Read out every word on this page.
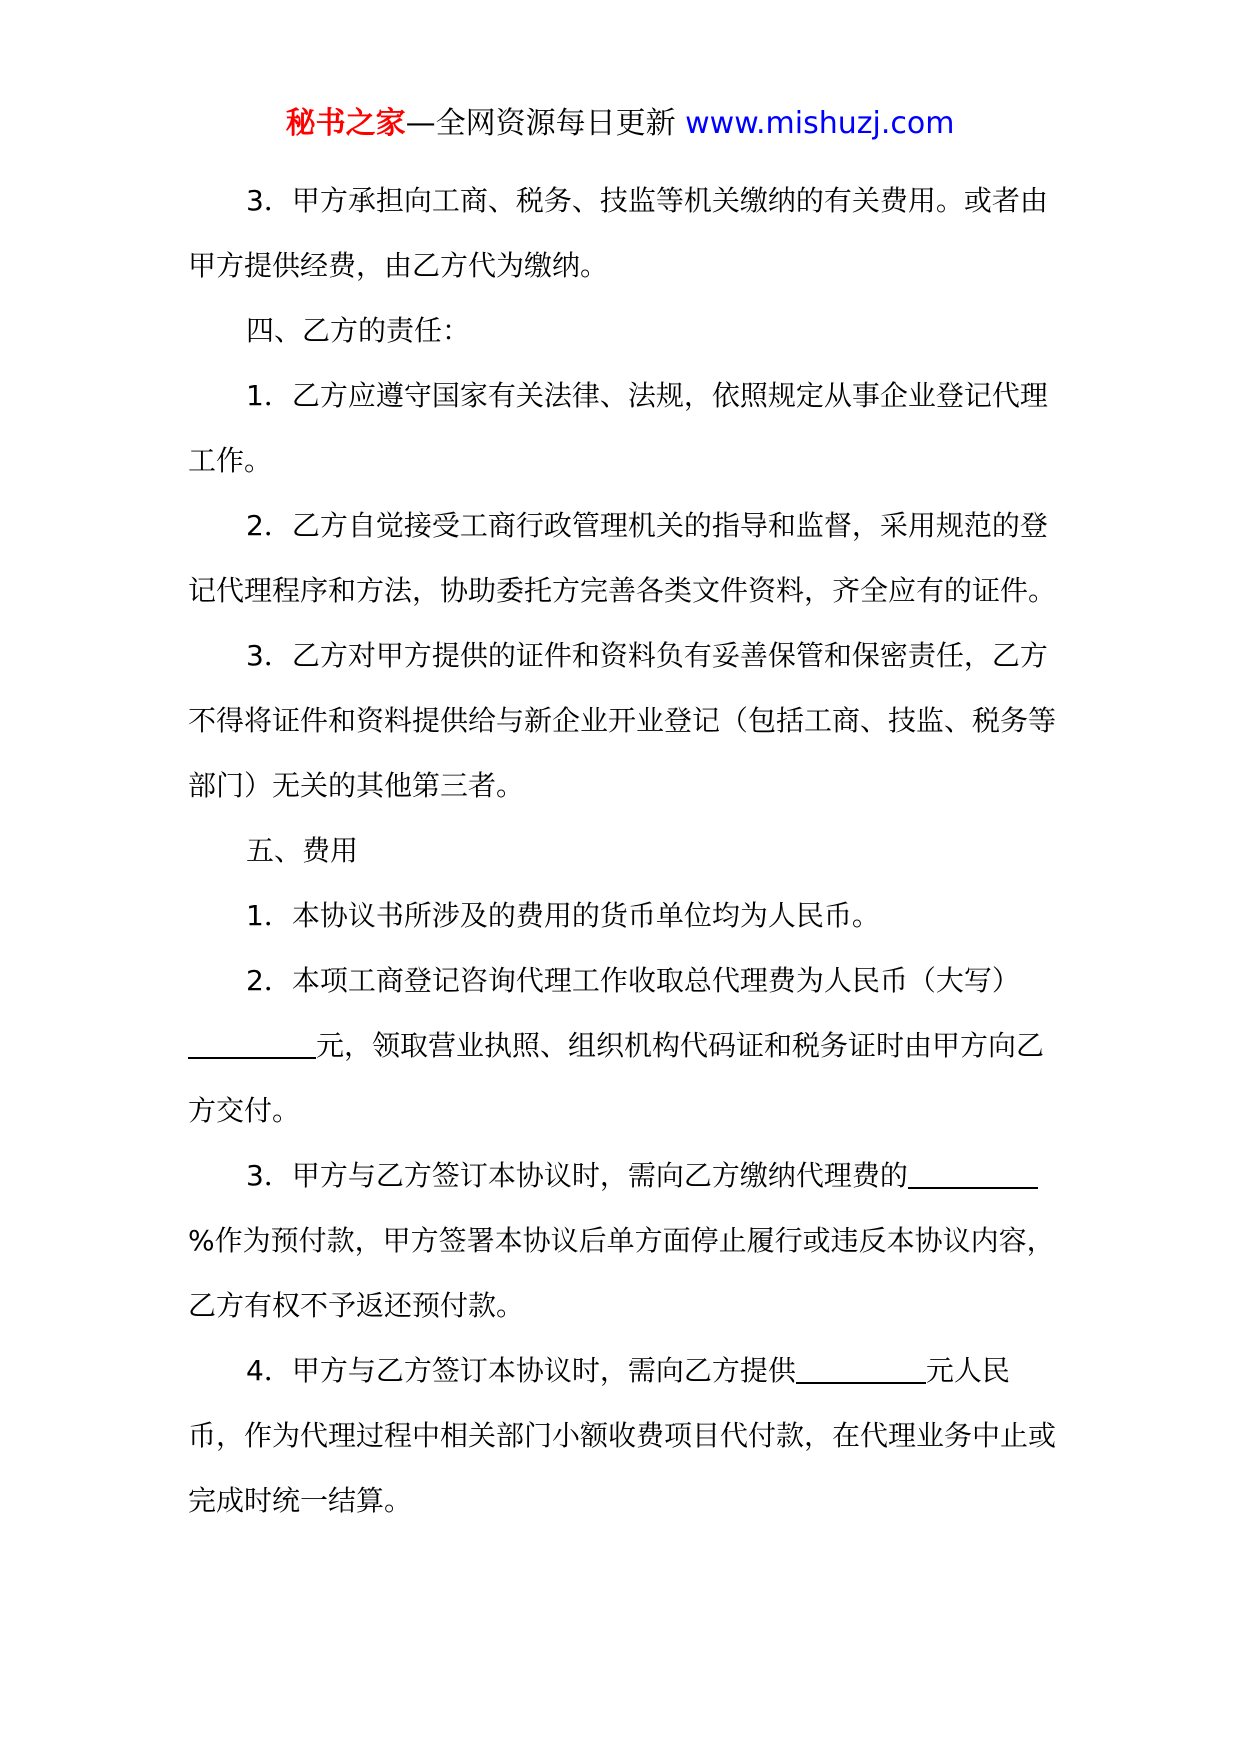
秘书之家—全网资源每日更新 www.mishuzj.com

3．甲方承担向工商、税务、技监等机关缴纳的有关费用。或者由甲方提供经费，由乙方代为缴纳。

四、乙方的责任：

1．乙方应遵守国家有关法律、法规，依照规定从事企业登记代理工作。

2．乙方自觉接受工商行政管理机关的指导和监督，采用规范的登记代理程序和方法，协助委托方完善各类文件资料，齐全应有的证件。

3．乙方对甲方提供的证件和资料负有妥善保管和保密责任，乙方不得将证件和资料提供给与新企业开业登记（包括工商、技监、税务等部门）无关的其他第三者。

五、费用

1．本协议书所涉及的费用的货币单位均为人民币。

2．本项工商登记咨询代理工作收取总代理费为人民币（大写）元，领取营业执照、组织机构代码证和税务证时由甲方向乙方交付。

3．甲方与乙方签订本协议时，需向乙方缴纳代理费的%作为预付款，甲方签署本协议后单方面停止履行或违反本协议内容，乙方有权不予返还预付款。

4．甲方与乙方签订本协议时，需向乙方提供	元人民币，作为代理过程中相关部门小额收费项目代付款，在代理业务中止或完成时统一结算。
